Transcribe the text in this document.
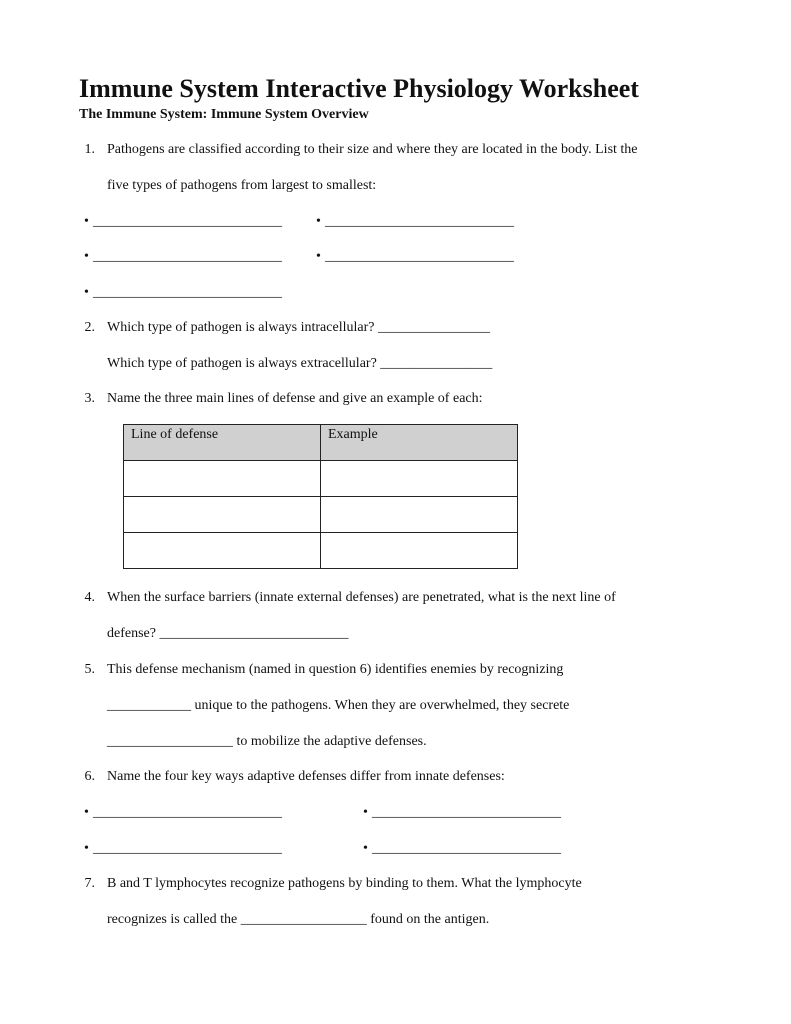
Immune System Interactive Physiology Worksheet
The Immune System: Immune System Overview
1. Pathogens are classified according to their size and where they are located in the body. List the
five types of pathogens from largest to smallest:
• ___________________________ • ___________________________
• ___________________________ • ___________________________
• ___________________________
2. Which type of pathogen is always intracellular? ________________
Which type of pathogen is always extracellular? ________________
3. Name the three main lines of defense and give an example of each:
Line of defense	Example

4. When the surface barriers (innate external defenses) are penetrated, what is the next line of
defense? ___________________________
5. This defense mechanism (named in question 6) identifies enemies by recognizing
____________ unique to the pathogens. When they are overwhelmed, they secrete
__________________ to mobilize the adaptive defenses.
6. Name the four key ways adaptive defenses differ from innate defenses:
• ___________________________	• ___________________________
• ___________________________	• ___________________________
7. B and T lymphocytes recognize pathogens by binding to them. What the lymphocyte
recognizes is called the __________________ found on the antigen.
